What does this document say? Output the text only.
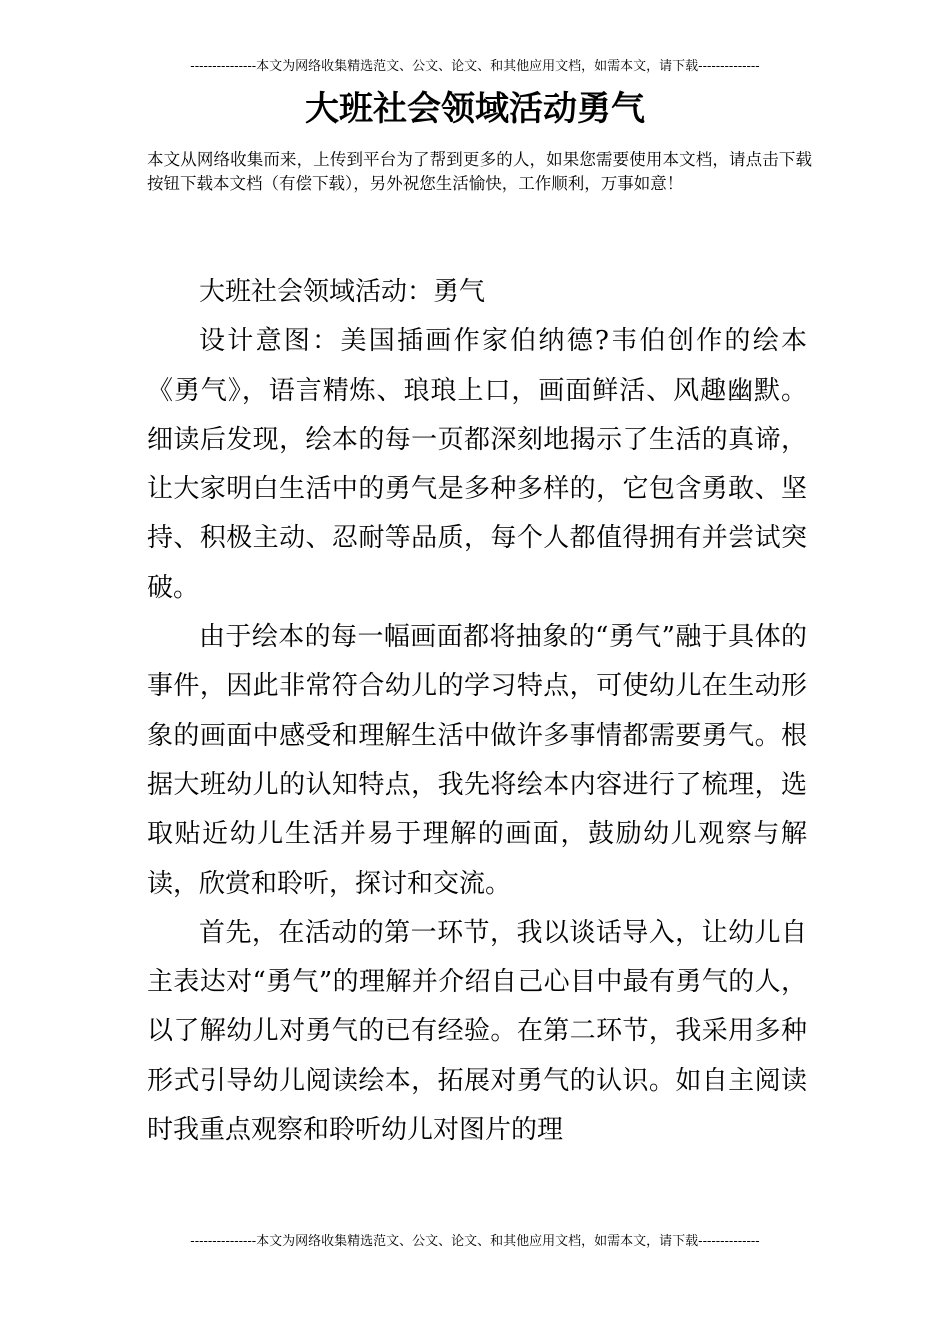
---------------本文为网络收集精选范文、公文、论文、和其他应用文档，如需本文，请下载--------------
大班社会领域活动勇气
本文从网络收集而来，上传到平台为了帮到更多的人，如果您需要使用本文档，请点击下载按钮下载本文档（有偿下载），另外祝您生活愉快，工作顺利，万事如意！

大班社会领域活动：勇气

设计意图：美国插画作家伯纳德?韦伯创作的绘本《勇气》，语言精炼、琅琅上口，画面鲜活、风趣幽默。细读后发现，绘本的每一页都深刻地揭示了生活的真谛，让大家明白生活中的勇气是多种多样的，它包含勇敢、坚持、积极主动、忍耐等品质，每个人都值得拥有并尝试突破。

由于绘本的每一幅画面都将抽象的“勇气”融于具体的事件，因此非常符合幼儿的学习特点，可使幼儿在生动形象的画面中感受和理解生活中做许多事情都需要勇气。根据大班幼儿的认知特点，我先将绘本内容进行了梳理，选取贴近幼儿生活并易于理解的画面，鼓励幼儿观察与解读，欣赏和聆听，探讨和交流。

首先，在活动的第一环节，我以谈话导入，让幼儿自主表达对“勇气”的理解并介绍自己心目中最有勇气的人，以了解幼儿对勇气的已有经验。在第二环节，我采用多种形式引导幼儿阅读绘本，拓展对勇气的认识。如自主阅读时我重点观察和聆听幼儿对图片的理

---------------本文为网络收集精选范文、公文、论文、和其他应用文档，如需本文，请下载--------------
